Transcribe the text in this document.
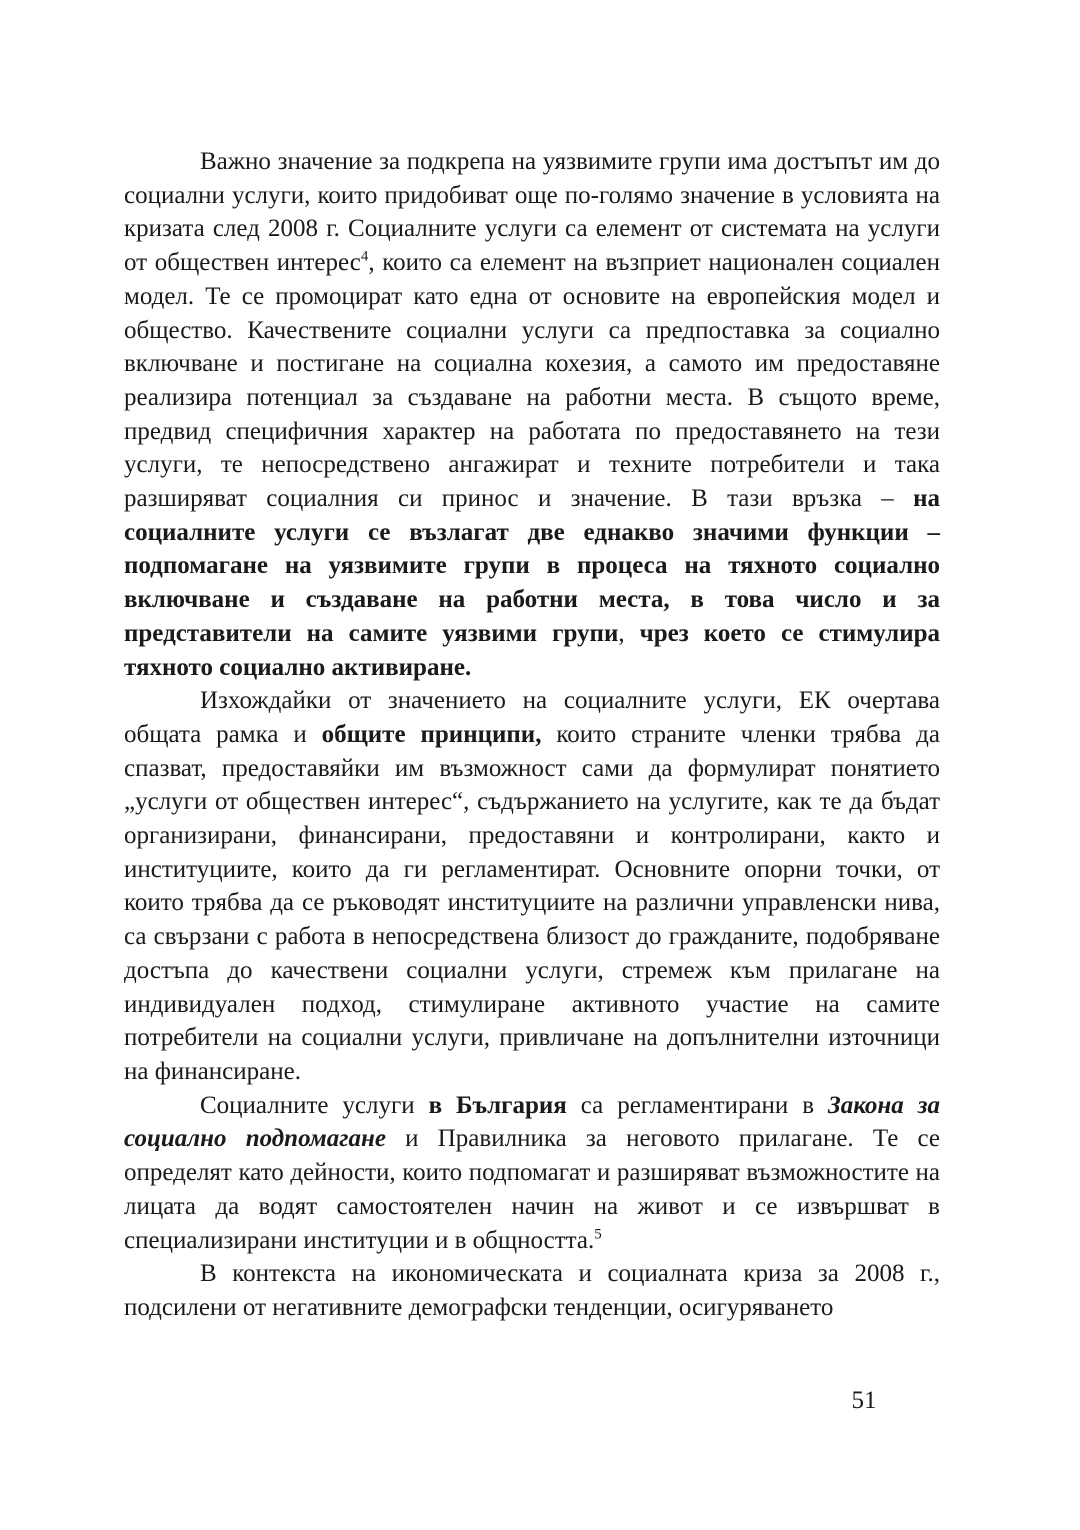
Важно значение за подкрепа на уязвимите групи има достъпът им до социални услуги, които придобиват още по-голямо значение в условията на кризата след 2008 г. Социалните услуги са елемент от системата на услуги от обществен интерес$^4$, които са елемент на възприет национален социален модел. Те се промоцират като една от основите на европейския модел и общество. Качествените социални услуги са предпоставка за социално включване и постигане на социална кохезия, а самото им предоставяне реализира потенциал за създаване на работни места. В същото време, предвид специфичния характер на работата по предоставянето на тези услуги, те непосредствено ангажират и техните потребители и така разширяват социалния си принос и значение. В тази връзка – на социалните услуги се възлагат две еднакво значими функции – подпомагане на уязвимите групи в процеса на тяхното социално включване и създаване на работни места, в това число и за представители на самите уязвими групи, чрез което се стимулира тяхното социално активиране.

Изхождайки от значението на социалните услуги, ЕК очертава общата рамка и общите принципи, които страните членки трябва да спазват, предоставяйки им възможност сами да формулират понятието „услуги от обществен интерес“, съдържанието на услугите, как те да бъдат организирани, финансирани, предоставяни и контролирани, както и институциите, които да ги регламентират. Основните опорни точки, от които трябва да се ръководят институциите на различни управленски нива, са свързани с работа в непосредствена близост до гражданите, подобряване достъпа до качествени социални услуги, стремеж към прилагане на индивидуален подход, стимулиране активното участие на самите потребители на социални услуги, привличане на допълнителни източници на финансиране.

Социалните услуги в България са регламентирани в Закона за социално подпомагане и Правилника за неговото прилагане. Те се определят като дейности, които подпомагат и разширяват възможностите на лицата да водят самостоятелен начин на живот и се извършват в специализирани институции и в общността.$^5$

В контекста на икономическата и социалната криза за 2008 г., подсилени от негативните демографски тенденции, осигуряването

51
